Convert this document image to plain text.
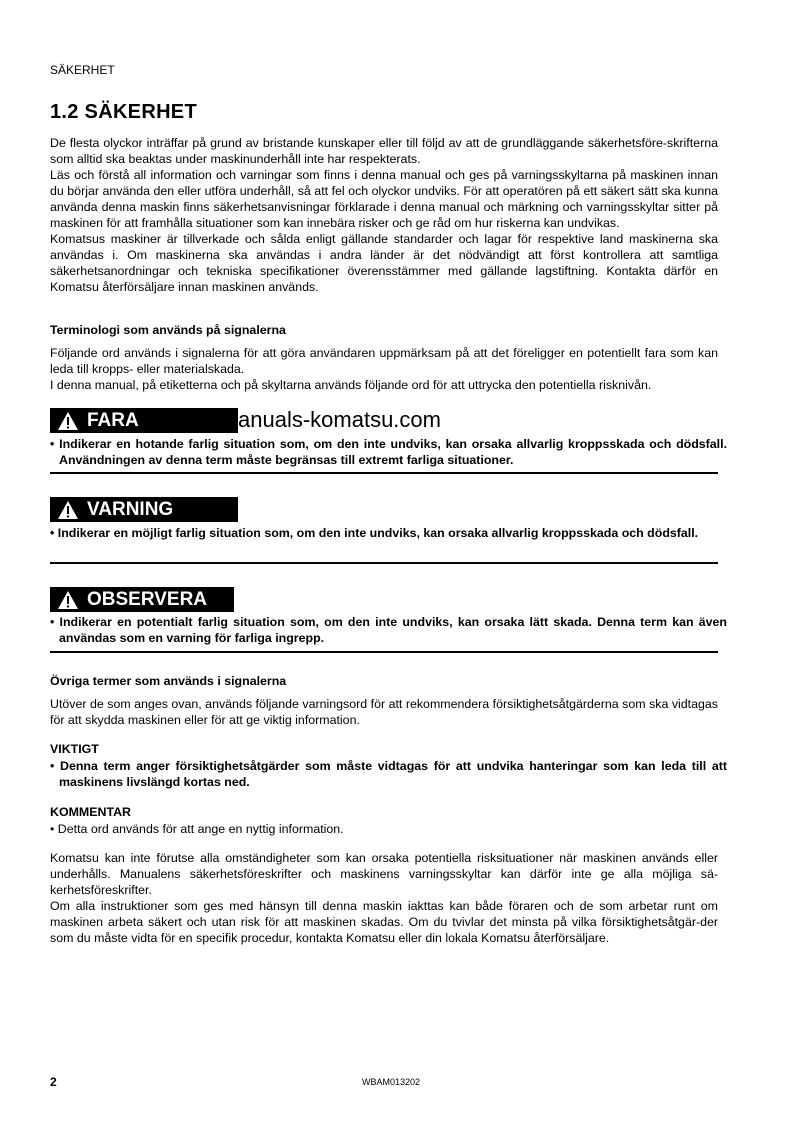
SÄKERHET
1.2 SÄKERHET

De flesta olyckor inträffar på grund av bristande kunskaper eller till följd av att de grundläggande säkerhetsföre-skrifterna som alltid ska beaktas under maskinunderhåll inte har respekterats.

Läs och förstå all information och varningar som finns i denna manual och ges på varningsskyltarna på maskinen innan du börjar använda den eller utföra underhåll, så att fel och olyckor undviks. För att operatören på ett säkert sätt ska kunna använda denna maskin finns säkerhetsanvisningar förklarade i denna manual och märkning och varningsskyltar sitter på maskinen för att framhålla situationer som kan innebära risker och ge råd om hur riskerna kan undvikas.

Komatsus maskiner är tillverkade och sålda enligt gällande standarder och lagar för respektive land maskinerna ska användas i. Om maskinerna ska användas i andra länder är det nödvändigt att först kontrollera att samtliga säkerhetsanordningar och tekniska specifikationer överensstämmer med gällande lagstiftning. Kontakta därför en Komatsu återförsäljare innan maskinen används.

Terminologi som används på signalerna

Följande ord används i signalerna för att göra användaren uppmärksam på att det föreligger en potentiellt fara som kan leda till kropps- eller materialskada.

I denna manual, på etiketterna och på skyltarna används följande ord för att uttrycka den potentiella risknivån.

FARA	anuals-komatsu.com
• Indikerar en hotande farlig situation som, om den inte undviks, kan orsaka allvarlig kroppsskada och dödsfall. Användningen av denna term måste begränsas till extremt farliga situationer.
VARNING
• Indikerar en möjligt farlig situation som, om den inte undviks, kan orsaka allvarlig kroppsskada och dödsfall.
OBSERVERA
• Indikerar en potentialt farlig situation som, om den inte undviks, kan orsaka lätt skada. Denna term kan även användas som en varning för farliga ingrepp.
Övriga termer som används i signalerna
Utöver de som anges ovan, används följande varningsord för att rekommendera försiktighetsåtgärderna som ska vidtagas för att skydda maskinen eller för att ge viktig information.
VIKTIGT
• Denna term anger försiktighetsåtgärder som måste vidtagas för att undvika hanteringar som kan leda till att maskinens livslängd kortas ned.
KOMMENTAR
• Detta ord används för att ange en nyttig information.

Komatsu kan inte förutse alla omständigheter som kan orsaka potentiella risksituationer när maskinen används eller underhålls. Manualens säkerhetsföreskrifter och maskinens varningsskyltar kan därför inte ge alla möjliga sä-kerhetsföreskrifter.

Om alla instruktioner som ges med hänsyn till denna maskin iakttas kan både föraren och de som arbetar runt om maskinen arbeta säkert och utan risk för att maskinen skadas. Om du tvivlar det minsta på vilka försiktighetsåtgär-der som du måste vidta för en specifik procedur, kontakta Komatsu eller din lokala Komatsu återförsäljare.

2	WBAM013202
